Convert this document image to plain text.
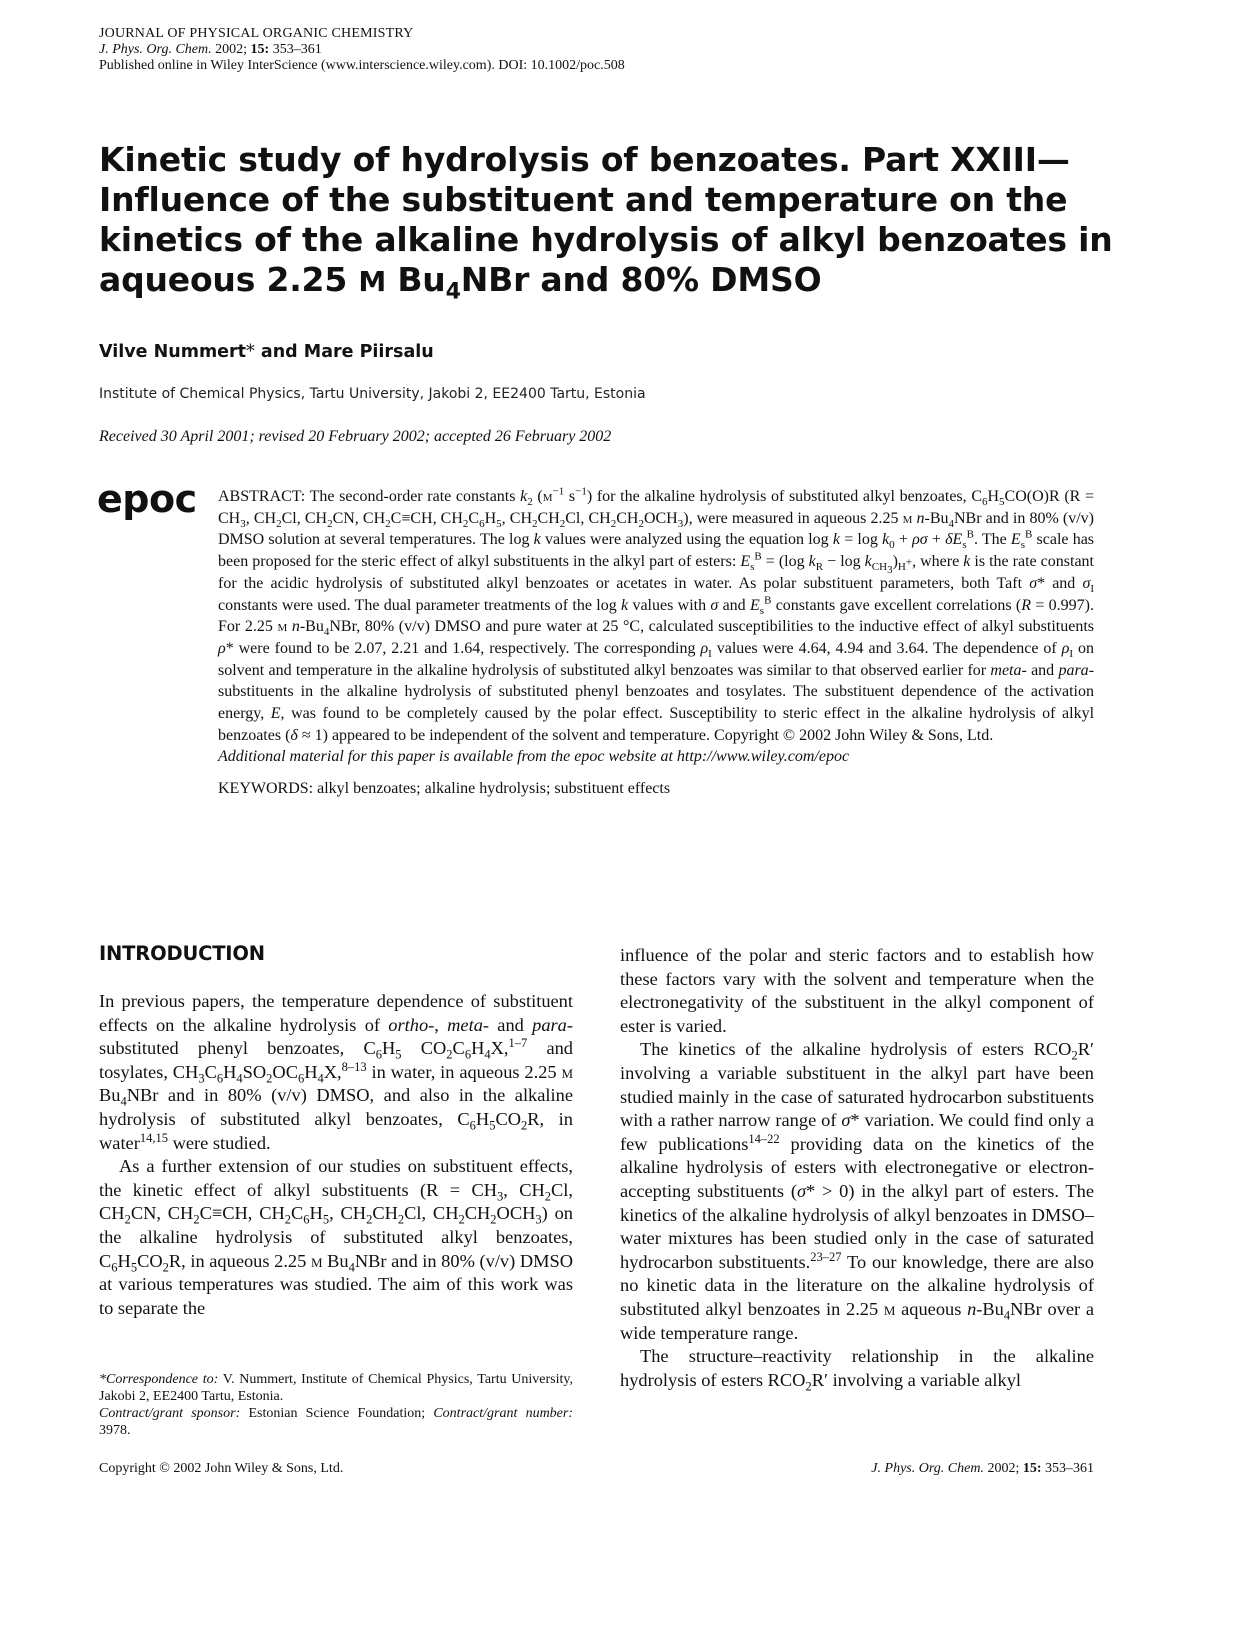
JOURNAL OF PHYSICAL ORGANIC CHEMISTRY
J. Phys. Org. Chem. 2002; 15: 353–361
Published online in Wiley InterScience (www.interscience.wiley.com). DOI: 10.1002/poc.508
Kinetic study of hydrolysis of benzoates. Part XXIII—Influence of the substituent and temperature on the kinetics of the alkaline hydrolysis of alkyl benzoates in aqueous 2.25 M $Bu_4NBr$ and 80% DMSO
Vilve Nummert* and Mare Piirsalu
Institute of Chemical Physics, Tartu University, Jakobi 2, EE2400 Tartu, Estonia
Received 30 April 2001; revised 20 February 2002; accepted 26 February 2002
epoc ABSTRACT: The second-order rate constants $k_2$ ($m^{-1}$ $s^{-1}$) for the alkaline hydrolysis of substituted alkyl benzoates, $C_6H_5CO(O)R$ ($R = CH_3$, $CH_2Cl$, $CH_2CN$, $CH_2C\equiv CH$, $CH_2C_6H_5$, $CH_2CH_2Cl$, $CH_2CH_2OCH_3$), were measured in aqueous 2.25 m $n-Bu_4NBr$ and in 80% (v/v) DMSO solution at several temperatures. The log k values were analyzed using the equation $\log k = \log k_0 + \rho\sigma + \delta E_s^B$. The $E_s^B$ scale has been proposed for the steric effect of alkyl substituents in the alkyl part of esters: $E_s^B = (\log$ $k_R - \log k_{CH_3})_{H^+}$, where k is the rate constant for the acidic hydrolysis of substituted alkyl benzoates or acetates in water. As polar substituent parameters, both Taft σ* and $\sigma_I$ constants were used. The dual parameter treatments of the log k values with σ and $E_s^B$ constants gave excellent correlations (R = 0.997). For 2.25 m $n-Bu_4NBr$, 80% (v/v) DMSO and pure water at 25 °C, calculated susceptibilities to the inductive effect of alkyl substituents ρ* were found to be 2.07, 2.21 and 1.64, respectively. The corresponding $\rho_I$ values were 4.64, 4.94 and 3.64. The dependence of $\rho_I$ on solvent and temperature in the alkaline hydrolysis of substituted alkyl benzoates was similar to that observed earlier for meta- and para-substituents in the alkaline hydrolysis of substituted phenyl benzoates and tosylates. The substituent dependence of the activation energy, E, was found to be completely caused by the polar effect. Susceptibility to steric effect in the alkaline hydrolysis of alkyl benzoates (δ ≈ 1) appeared to be independent of the solvent and temperature. Copyright © 2002 John Wiley & Sons, Ltd.

Additional material for this paper is available from the epoc website at http://www.wiley.com/epoc

KEYWORDS: alkyl benzoates; alkaline hydrolysis; substituent effects

INTRODUCTION

In previous papers, the temperature dependence of substituent effects on the alkaline hydrolysis of ortho-, meta- and para-substituted phenyl benzoates, $C_6H_5$ $CO_2C_6H_4X,^{1-7}$ and tosylates, $CH_3C_6H_4SO_2OC_6H_4X,^{8-13}$ in water, in aqueous 2.25 m $Bu_4NBr$ and in 80% (v/v) DMSO, and also in the alkaline hydrolysis of substituted alkyl benzoates, $C_6H_5CO_2R$, in water$^{14,15}$ were studied.

As a further extension of our studies on substituent effects, the kinetic effect of alkyl substituents ($R = CH_3$, $CH_2Cl$, $CH_2CN$, $CH_2C\equiv CH$, $CH_2C_6H_5$, $CH_2CH_2Cl$, $CH_2CH_2OCH_3$) on the alkaline hydrolysis of substituted alkyl benzoates, $C_6H_5CO_2R$, in aqueous 2.25 m $Bu_4NBr$ and in 80% (v/v) DMSO at various temperatures was studied. The aim of this work was to separate the

*Correspondence to: V. Nummert, Institute of Chemical Physics, Tartu University, Jakobi 2, EE2400 Tartu, Estonia.

Contract/grant sponsor: Estonian Science Foundation; Contract/grant number: 3978.

influence of the polar and steric factors and to establish how these factors vary with the solvent and temperature when the electronegativity of the substituent in the alkyl component of ester is varied.

The kinetics of the alkaline hydrolysis of esters $RCO_2R'$ involving a variable substituent in the alkyl part have been studied mainly in the case of saturated hydrocarbon substituents with a rather narrow range of σ* variation. We could find only a few publications$^{14-22}$ providing data on the kinetics of the alkaline hydrolysis of esters with electronegative or electron-accepting substituents (σ* > 0) in the alkyl part of esters. The kinetics of the alkaline hydrolysis of alkyl benzoates in DMSO–water mixtures has been studied only in the case of saturated hydrocarbon substituents.$^{23-27}$ To our knowledge, there are also no kinetic data in the literature on the alkaline hydrolysis of substituted alkyl benzoates in 2.25 m aqueous $n-Bu_4NBr$ over a wide temperature range.

The structure–reactivity relationship in the alkaline hydrolysis of esters $RCO_2R'$ involving a variable alkyl

Copyright © 2002 John Wiley & Sons, Ltd.	J. Phys. Org. Chem. 2002; 15: 353–361
